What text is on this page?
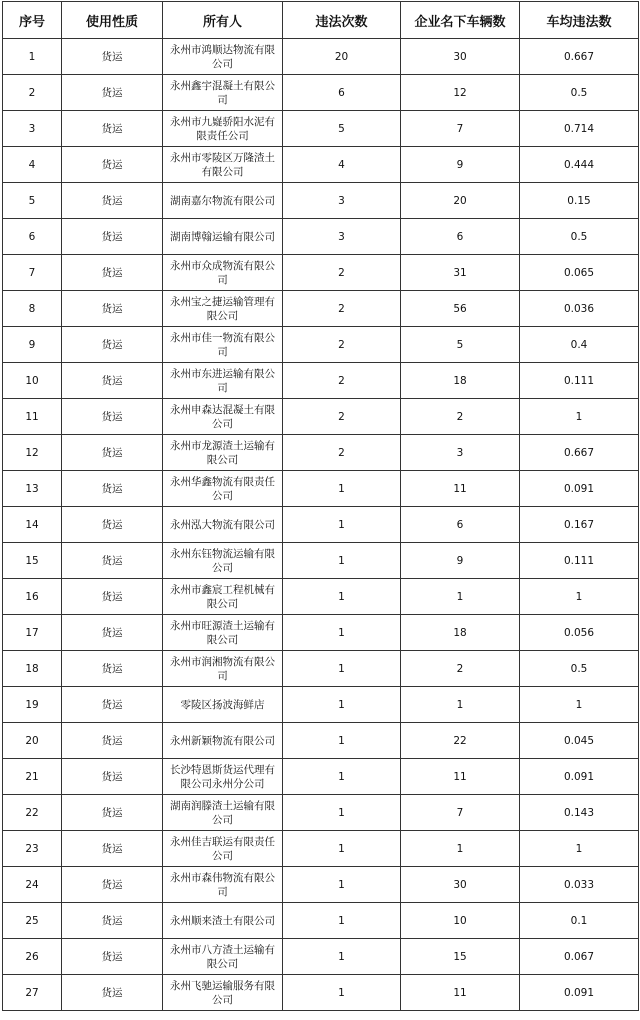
序号	使用性质	所有人	违法次数	企业名下车辆数	车均违法数
1	货运	永州市鸿顺达物流有限公司	20	30	0.667
2	货运	永州鑫宇混凝土有限公司	6	12	0.5
3	货运	永州市九嶷骄阳水泥有限责任公司	5	7	0.714
4	货运	永州市零陵区万隆渣土有限公司	4	9	0.444
5	货运	湖南嘉尔物流有限公司	3	20	0.15
6	货运	湖南博翰运输有限公司	3	6	0.5
7	货运	永州市众成物流有限公司	2	31	0.065
8	货运	永州宝之捷运输管理有限公司	2	56	0.036
9	货运	永州市佳一物流有限公司	2	5	0.4
10	货运	永州市东进运输有限公司	2	18	0.111
11	货运	永州申森达混凝土有限公司	2	2	1
12	货运	永州市龙源渣土运输有限公司	2	3	0.667
13	货运	永州华鑫物流有限责任公司	1	11	0.091
14	货运	永州泓大物流有限公司	1	6	0.167
15	货运	永州东钰物流运输有限公司	1	9	0.111
16	货运	永州市鑫宸工程机械有限公司	1	1	1
17	货运	永州市旺源渣土运输有限公司	1	18	0.056
18	货运	永州市润湘物流有限公司	1	2	0.5
19	货运	零陵区扬波海鲜店	1	1	1
20	货运	永州新颖物流有限公司	1	22	0.045
21	货运	长沙特恩斯货运代理有限公司永州分公司	1	11	0.091
22	货运	湖南润滕渣土运输有限公司	1	7	0.143
23	货运	永州佳吉联运有限责任公司	1	1	1
24	货运	永州市森伟物流有限公司	1	30	0.033
25	货运	永州顺来渣土有限公司	1	10	0.1
26	货运	永州市八方渣土运输有限公司	1	15	0.067
27	货运	永州飞驰运输服务有限公司	1	11	0.091
